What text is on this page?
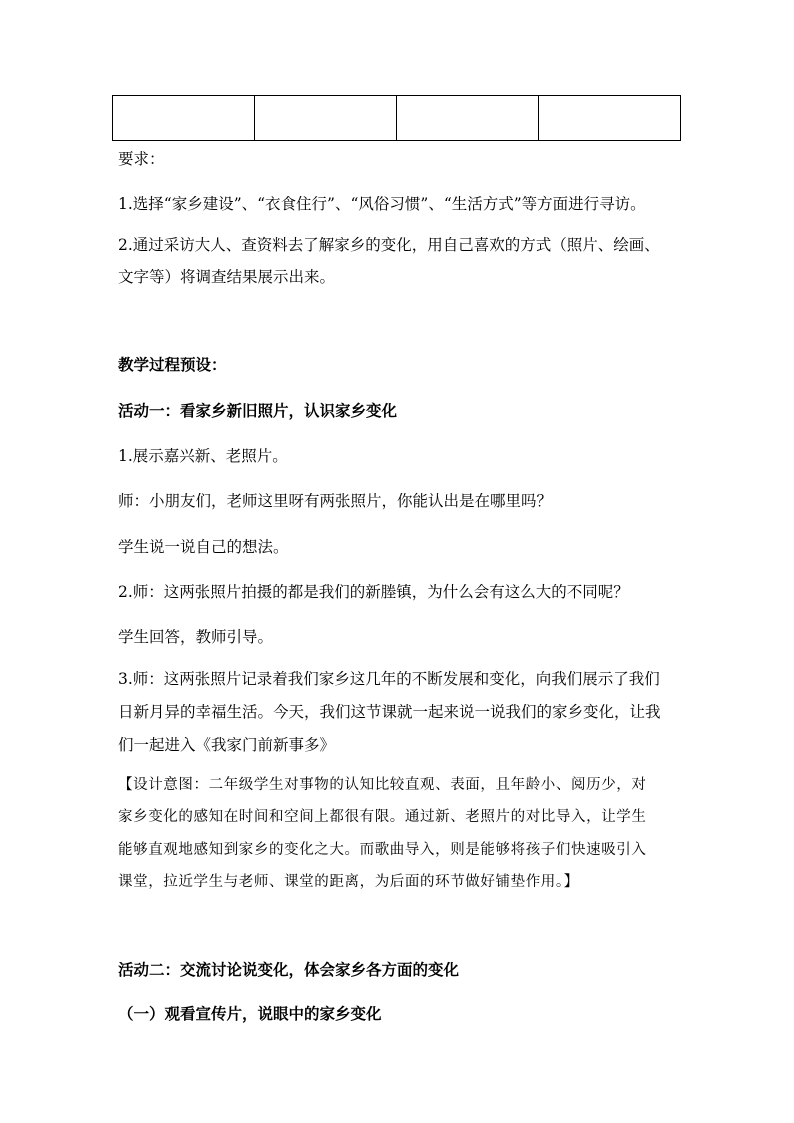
要求：
1.选择“家乡建设”、“衣食住行”、“风俗习惯”、“生活方式”等方面进行寻访。
2.通过采访大人、查资料去了解家乡的变化，用自己喜欢的方式（照片、绘画、
文字等）将调查结果展示出来。
教学过程预设：
活动一：看家乡新旧照片，认识家乡变化
1.展示嘉兴新、老照片。
师：小朋友们，老师这里呀有两张照片，你能认出是在哪里吗？
学生说一说自己的想法。
2.师：这两张照片拍摄的都是我们的新塍镇，为什么会有这么大的不同呢？
学生回答，教师引导。
3.师：这两张照片记录着我们家乡这几年的不断发展和变化，向我们展示了我们
日新月异的幸福生活。今天，我们这节课就一起来说一说我们的家乡变化，让我
们一起进入《我家门前新事多》
【设计意图：二年级学生对事物的认知比较直观、表面，且年龄小、阅历少，对
家乡变化的感知在时间和空间上都很有限。通过新、老照片的对比导入，让学生
能够直观地感知到家乡的变化之大。而歌曲导入，则是能够将孩子们快速吸引入
课堂，拉近学生与老师、课堂的距离，为后面的环节做好铺垫作用。】
活动二：交流讨论说变化，体会家乡各方面的变化
（一）观看宣传片，说眼中的家乡变化
